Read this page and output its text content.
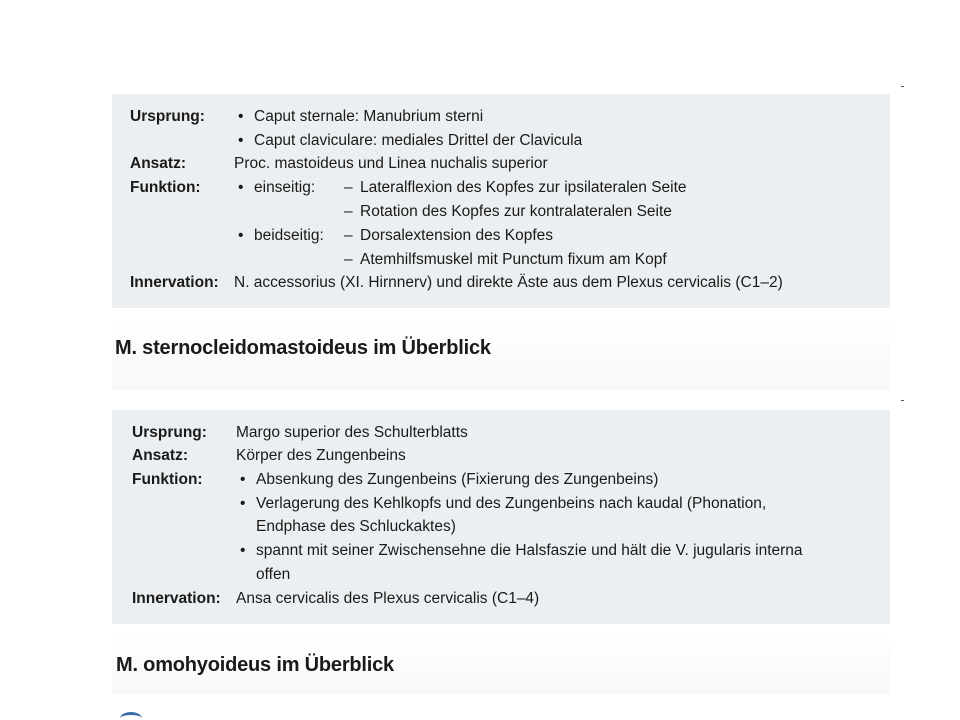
Ursprung: • Caput sternale: Manubrium sterni
• Caput claviculare: mediales Drittel der Clavicula
Ansatz:	Proc. mastoideus und Linea nuchalis superior
Funktion: • einseitig: – Lateralflexion des Kopfes zur ipsilateralen Seite
– Rotation des Kopfes zur kontralateralen Seite
• beidseitig: – Dorsalextension des Kopfes
– Atemhilfsmuskel mit Punctum fixum am Kopf
Innervation: N. accessorius (XI. Hirnnerv) und direkte Äste aus dem Plexus cervicalis (C1–2)
M. sternocleidomastoideus im Überblick
Ursprung: Margo superior des Schulterblatts
Ansatz:	Körper des Zungenbeins
Funktion: • Absenkung des Zungenbeins (Fixierung des Zungenbeins)
• Verlagerung des Kehlkopfs und des Zungenbeins nach kaudal (Phonation,
Endphase des Schluckaktes)
• spannt mit seiner Zwischensehne die Halsfaszie und hält die V. jugularis interna
offen
Innervation: Ansa cervicalis des Plexus cervicalis (C1–4)
M. omohyoideus im Überblick
